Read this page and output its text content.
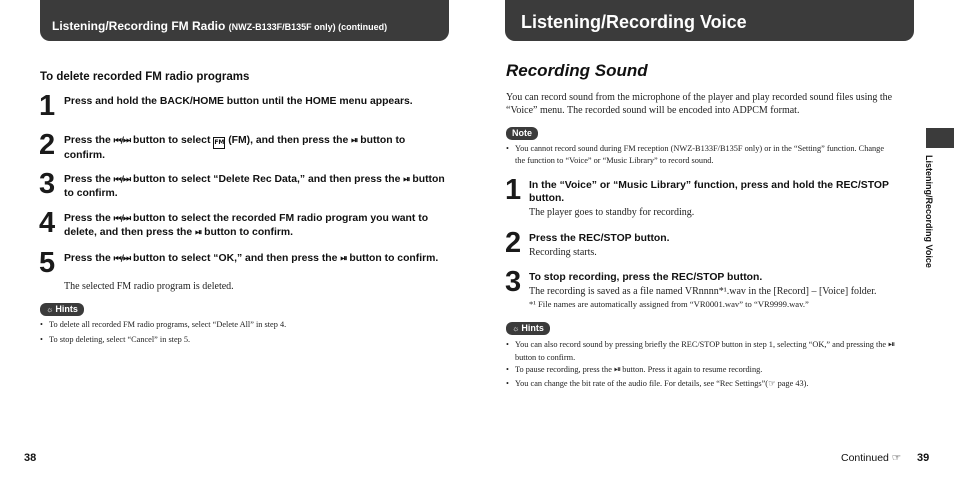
Listening/Recording FM Radio (NWZ-B133F/B135F only) (continued)	Listening/Recording Voice
To delete recorded FM radio programs
1 Press and hold the BACK/HOME button until the HOME menu appears.
2 Press the ⏮/⏭ button to select FM (FM), and then press the ⏯ button to confirm.
3 Press the ⏮/⏭ button to select “Delete Rec Data,” and then press the ⏯ button to confirm.
4 Press the ⏮/⏭ button to select the recorded FM radio program you want to delete, and then press the ⏯ button to confirm.
5 Press the ⏮/⏭ button to select “OK,” and then press the ⏯ button to confirm.
The selected FM radio program is deleted.
☼ Hints
• To delete all recorded FM radio programs, select “Delete All” in step 4.
• To stop deleting, select “Cancel” in step 5.
38
Recording Sound
You can record sound from the microphone of the player and play recorded sound files using the “Voice” menu. The recorded sound will be encoded into ADPCM format.
Note
• You cannot record sound during FM reception (NWZ-B133F/B135F only) or in the “Setting” function. Change the function to “Voice” or “Music Library” to record sound.
1 In the “Voice” or “Music Library” function, press and hold the REC/STOP button.
The player goes to standby for recording.
2 Press the REC/STOP button.
Recording starts.
3 To stop recording, press the REC/STOP button.
The recording is saved as a file named VRnnnn*¹.wav in the [Record] – [Voice] folder.
*¹ File names are automatically assigned from “VR0001.wav” to “VR9999.wav.”
☼ Hints
• You can also record sound by pressing briefly the REC/STOP button in step 1, selecting “OK,” and pressing the ⏯ button to confirm.
• To pause recording, press the ⏯ button. Press it again to resume recording.
• You can change the bit rate of the audio file. For details, see “Rec Settings”(☞ page 43).
Continued ☞ 39
Listening/Recording Voice
